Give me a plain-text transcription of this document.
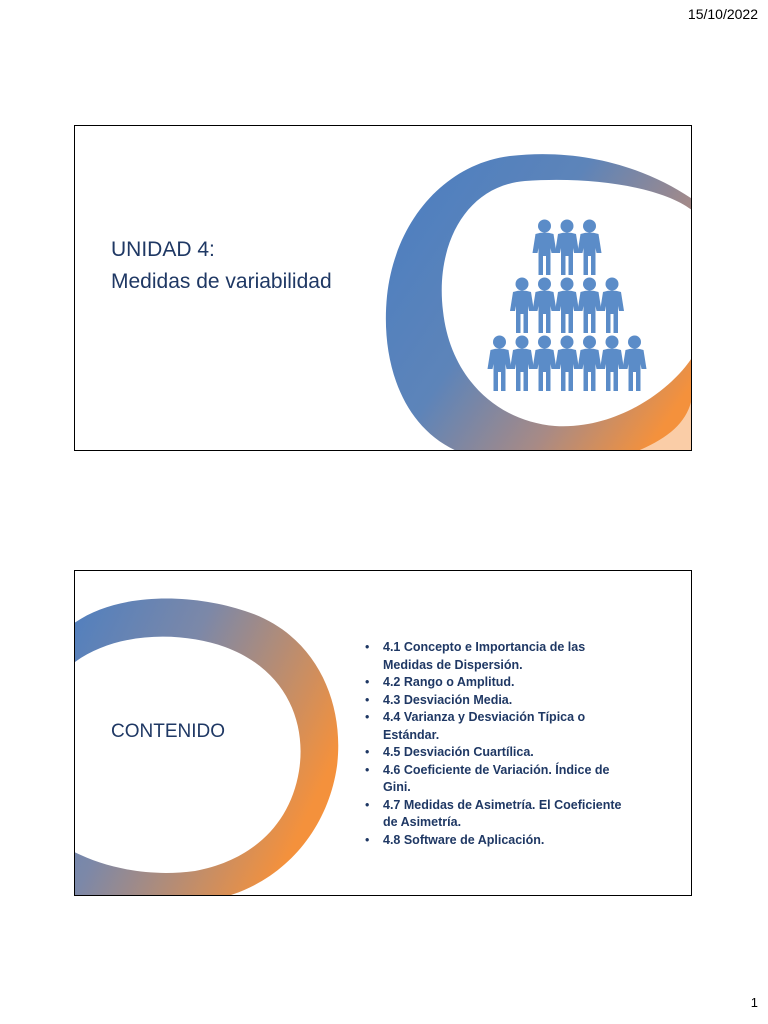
15/10/2022
UNIDAD 4:
Medidas de variabilidad
CONTENIDO
• 4.1 Concepto e Importancia de las Medidas de Dispersión.
• 4.2 Rango o Amplitud.
• 4.3 Desviación Media.
• 4.4 Varianza y Desviación Típica o Estándar.
• 4.5 Desviación Cuartílica.
• 4.6 Coeficiente de Variación. Índice de Gini.
• 4.7 Medidas de Asimetría. El Coeficiente de Asimetría.
• 4.8 Software de Aplicación.
1
